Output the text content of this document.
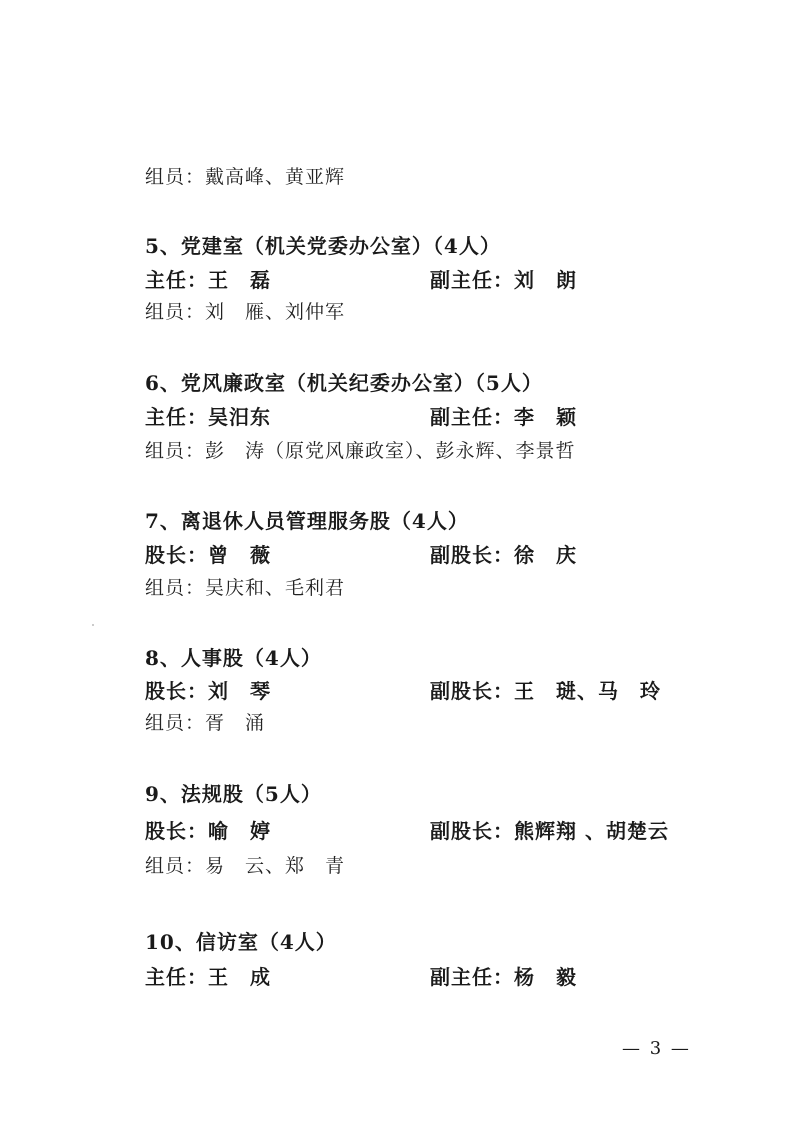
组员：戴高峰、黄亚辉
5、党建室（机关党委办公室）（4人）
主任：王　磊	副主任：刘　朗
组员：刘　雁、刘仲军
6、党风廉政室（机关纪委办公室）（5人）
主任：吴汨东	副主任：李　颖
组员：彭　涛（原党风廉政室）、彭永辉、李景哲
7、离退休人员管理服务股（4人）
股长：曾　薇	副股长：徐　庆
组员：吴庆和、毛利君
8、人事股（4人）
股长：刘　琴	副股长：王　琎、马　玲
组员：胥　涌
9、法规股（5人）
股长：喻　婷	副股长：熊辉翔 、胡楚云
组员：易　云、郑　青
10、信访室（4人）
主任：王　成	副主任：杨　毅
— 3 —
